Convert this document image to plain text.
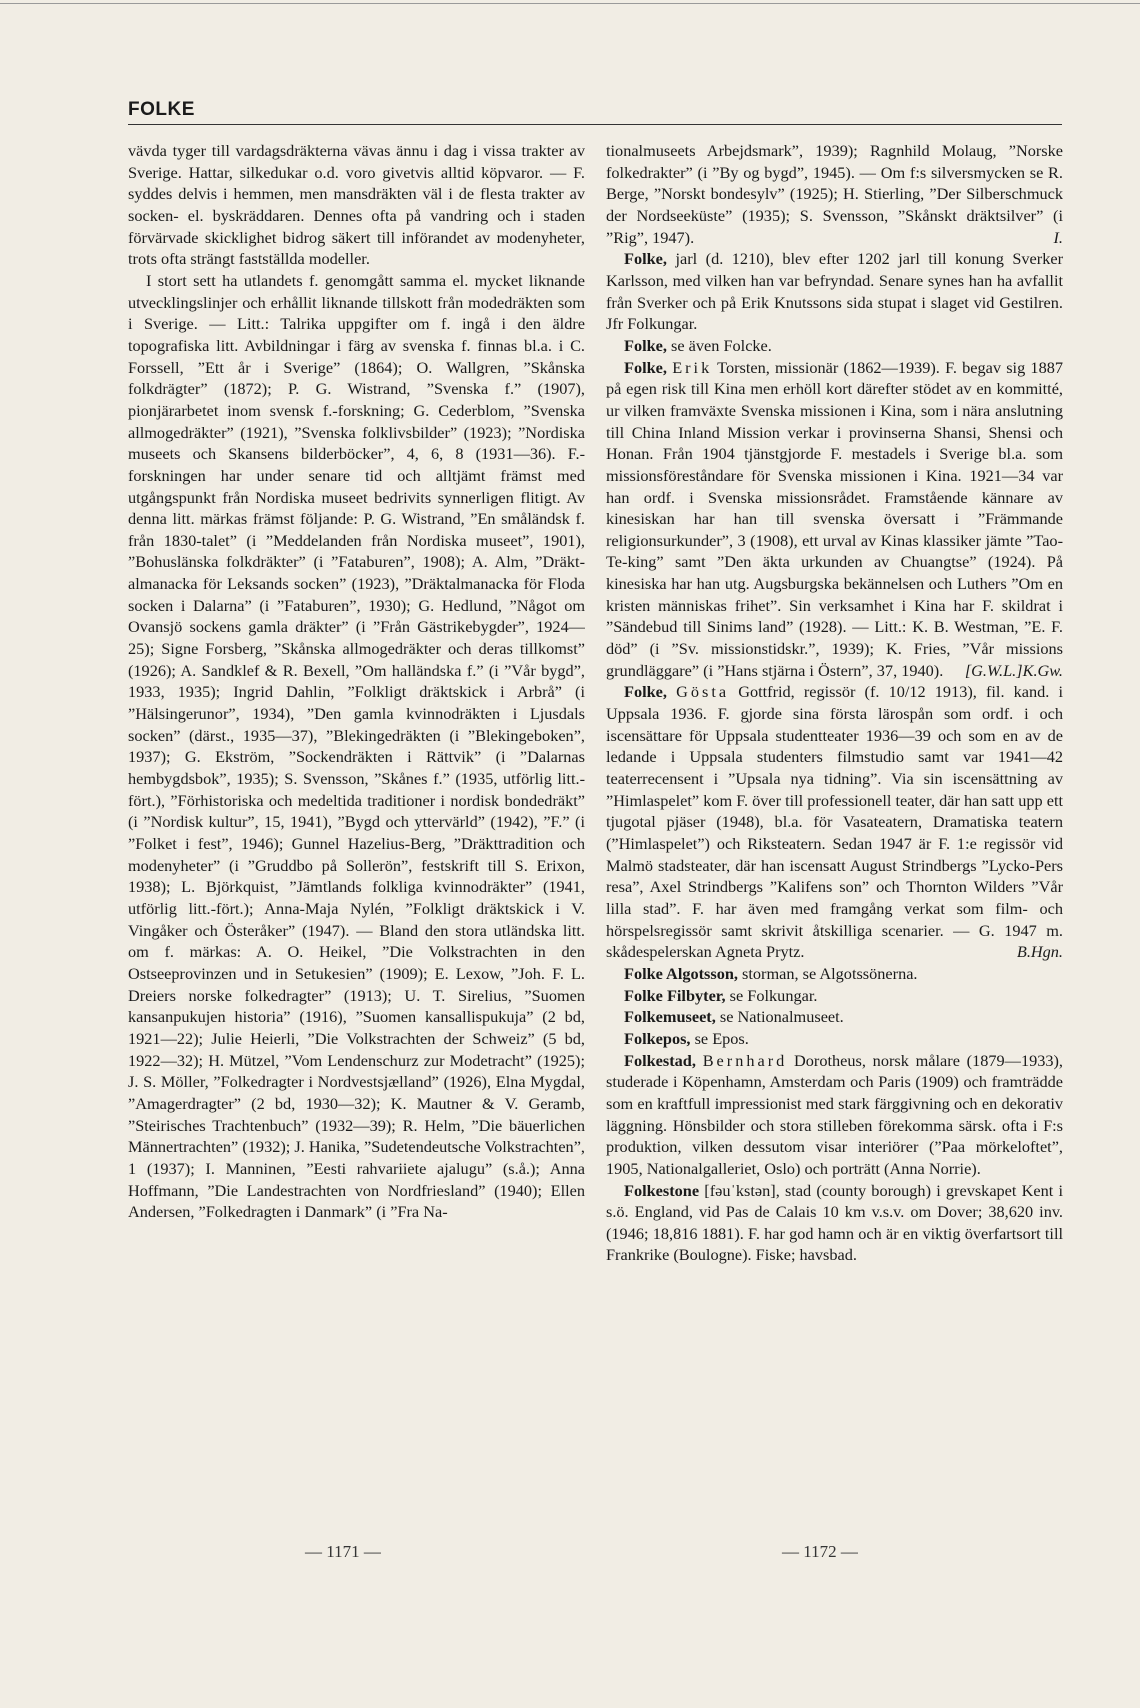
FOLKE

vävda tyger till vardagsdräkterna vävas ännu i dag i vissa trakter av Sverige. Hattar, silkedukar o.d. voro givetvis alltid köpvaror. — F. syddes delvis i hemmen, men mansdräkten väl i de flesta trakter av socken- el. byskräddaren. Dennes ofta på vandring och i staden förvärvade skicklighet bidrog säkert till införandet av modenyheter, trots ofta strängt fastställda modeller.

I stort sett ha utlandets f. genomgått samma el. mycket liknande utvecklingslinjer och erhållit liknande tillskott från modedräkten som i Sverige. — Litt.: Talrika uppgifter om f. ingå i den äldre topografiska litt. Avbildningar i färg av svenska f. finnas bl.a. i C. Forssell, ”Ett år i Sverige” (1864); O. Wallgren, ”Skånska folkdrägter” (1872); P. G. Wistrand, ”Svenska f.” (1907), pionjärarbetet inom svensk f.-forskning; G. Cederblom, ”Svenska allmogedräkter” (1921), ”Svenska folklivsbilder” (1923); ”Nordiska museets och Skansens bilderböcker”, 4, 6, 8 (1931—36). F.-forskningen har under senare tid och alltjämt främst med utgångspunkt från Nordiska museet bedrivits synnerligen flitigt. Av denna litt. märkas främst följande: P. G. Wistrand, ”En småländsk f. från 1830-talet” (i ”Meddelanden från Nordiska museet”, 1901), ”Bohuslänska folkdräkter” (i ”Fataburen”, 1908); A. Alm, ”Dräkt-almanacka för Leksands socken” (1923), ”Dräktalmanacka för Floda socken i Dalarna” (i ”Fataburen”, 1930); G. Hedlund, ”Något om Ovansjö sockens gamla dräkter” (i ”Från Gästrikebygder”, 1924—25); Signe Forsberg, ”Skånska allmogedräkter och deras tillkomst” (1926); A. Sandklef & R. Bexell, ”Om halländska f.” (i ”Vår bygd”, 1933, 1935); Ingrid Dahlin, ”Folkligt dräktskick i Arbrå” (i ”Hälsingerunor”, 1934), ”Den gamla kvinnodräkten i Ljusdals socken” (därst., 1935—37), ”Blekingedräkten (i ”Blekingeboken”, 1937); G. Ekström, ”Sockendräkten i Rättvik” (i ”Dalarnas hembygdsbok”, 1935); S. Svensson, ”Skånes f.” (1935, utförlig litt.-fört.), ”Förhistoriska och medeltida traditioner i nordisk bondedräkt” (i ”Nordisk kultur”, 15, 1941), ”Bygd och yttervärld” (1942), ”F.” (i ”Folket i fest”, 1946); Gunnel Hazelius-Berg, ”Dräkttradition och modenyheter” (i ”Gruddbo på Sollerön”, festskrift till S. Erixon, 1938); L. Björkquist, ”Jämtlands folkliga kvinnodräkter” (1941, utförlig litt.-fört.); Anna-Maja Nylén, ”Folkligt dräktskick i V. Vingåker och Österåker” (1947). — Bland den stora utländska litt. om f. märkas: A. O. Heikel, ”Die Volkstrachten in den Ostseeprovinzen und in Setukesien” (1909); E. Lexow, ”Joh. F. L. Dreiers norske folkedragter” (1913); U. T. Sirelius, ”Suomen kansanpukujen historia” (1916), ”Suomen kansallispukuja” (2 bd, 1921—22); Julie Heierli, ”Die Volkstrachten der Schweiz” (5 bd, 1922—32); H. Mützel, ”Vom Lendenschurz zur Modetracht” (1925); J. S. Möller, ”Folkedragter i Nordvestsjælland” (1926), Elna Mygdal, ”Amagerdragter” (2 bd, 1930—32); K. Mautner & V. Geramb, ”Steirisches Trachtenbuch” (1932—39); R. Helm, ”Die bäuerlichen Männertrachten” (1932); J. Hanika, ”Sudetendeutsche Volkstrachten”, 1 (1937); I. Manninen, ”Eesti rahvariiete ajalugu” (s.å.); Anna Hoffmann, ”Die Landestrachten von Nordfriesland” (1940); Ellen Andersen, ”Folkedragten i Danmark” (i ”Fra Na-

tionalmuseets Arbejdsmark”, 1939); Ragnhild Molaug, ”Norske folkedrakter” (i ”By og bygd”, 1945). — Om f:s silversmycken se R. Berge, ”Norskt bondesylv” (1925); H. Stierling, ”Der Silberschmuck der Nordseeküste” (1935); S. Svensson, ”Skånskt dräktsilver” (i ”Rig”, 1947).	I.

Folke, jarl (d. 1210), blev efter 1202 jarl till konung Sverker Karlsson, med vilken han var befryndad. Senare synes han ha avfallit från Sverker och på Erik Knutssons sida stupat i slaget vid Gestilren. Jfr Folkungar.

Folke, se även Folcke.

Folke, Erik Torsten, missionär (1862—1939). F. begav sig 1887 på egen risk till Kina men erhöll kort därefter stödet av en kommitté, ur vilken framväxte Svenska missionen i Kina, som i nära anslutning till China Inland Mission verkar i provinserna Shansi, Shensi och Honan. Från 1904 tjänstgjorde F. mestadels i Sverige bl.a. som missionsföreståndare för Svenska missionen i Kina. 1921—34 var han ordf. i Svenska missionsrådet. Framstående kännare av kinesiskan har han till svenska översatt i ”Främmande religionsurkunder”, 3 (1908), ett urval av Kinas klassiker jämte ”Tao-Te-king” samt ”Den äkta urkunden av Chuangtse” (1924). På kinesiska har han utg. Augsburgska bekännelsen och Luthers ”Om en kristen människas frihet”. Sin verksamhet i Kina har F. skildrat i ”Sändebud till Sinims land” (1928). — Litt.: K. B. Westman, ”E. F. död” (i ”Sv. missionstidskr.”, 1939); K. Fries, ”Vår missions grundläggare” (i ”Hans stjärna i Östern”, 37, 1940).	[G.W.L.]K.Gw.

Folke, Gösta Gottfrid, regissör (f. 10/12 1913), fil. kand. i Uppsala 1936. F. gjorde sina första lärospån som ordf. i och iscensättare för Uppsala studentteater 1936—39 och som en av de ledande i Uppsala studenters filmstudio samt var 1941—42 teaterrecensent i ”Upsala nya tidning”. Via sin iscensättning av ”Himlaspelet” kom F. över till professionell teater, där han satt upp ett tjugotal pjäser (1948), bl.a. för Vasateatern, Dramatiska teatern (”Himlaspelet”) och Riksteatern. Sedan 1947 är F. 1:e regissör vid Malmö stadsteater, där han iscensatt August Strindbergs ”Lycko-Pers resa”, Axel Strindbergs ”Kalifens son” och Thornton Wilders ”Vår lilla stad”. F. har även med framgång verkat som film- och hörspelsregissör samt skrivit åtskilliga scenarier. — G. 1947 m. skådespelerskan Agneta Prytz.	B.Hgn.

Folke Algotsson, storman, se Algotssönerna.

Folke Filbyter, se Folkungar.

Folkemuseet, se Nationalmuseet.

Folkepos, se Epos.

Folkestad, Bernhard Dorotheus, norsk målare (1879—1933), studerade i Köpenhamn, Amsterdam och Paris (1909) och framträdde som en kraftfull impressionist med stark färggivning och en dekorativ läggning. Hönsbilder och stora stilleben förekomma särsk. ofta i F:s produktion, vilken dessutom visar interiörer (”Paa mörkeloftet”, 1905, Nationalgalleriet, Oslo) och porträtt (Anna Norrie).

Folkestone [fəuˈkstən], stad (county borough) i grevskapet Kent i s.ö. England, vid Pas de Calais 10 km v.s.v. om Dover; 38,620 inv. (1946; 18,816 1881). F. har god hamn och är en viktig överfartsort till Frankrike (Boulogne). Fiske; havsbad.

— 1171 —	— 1172 —
